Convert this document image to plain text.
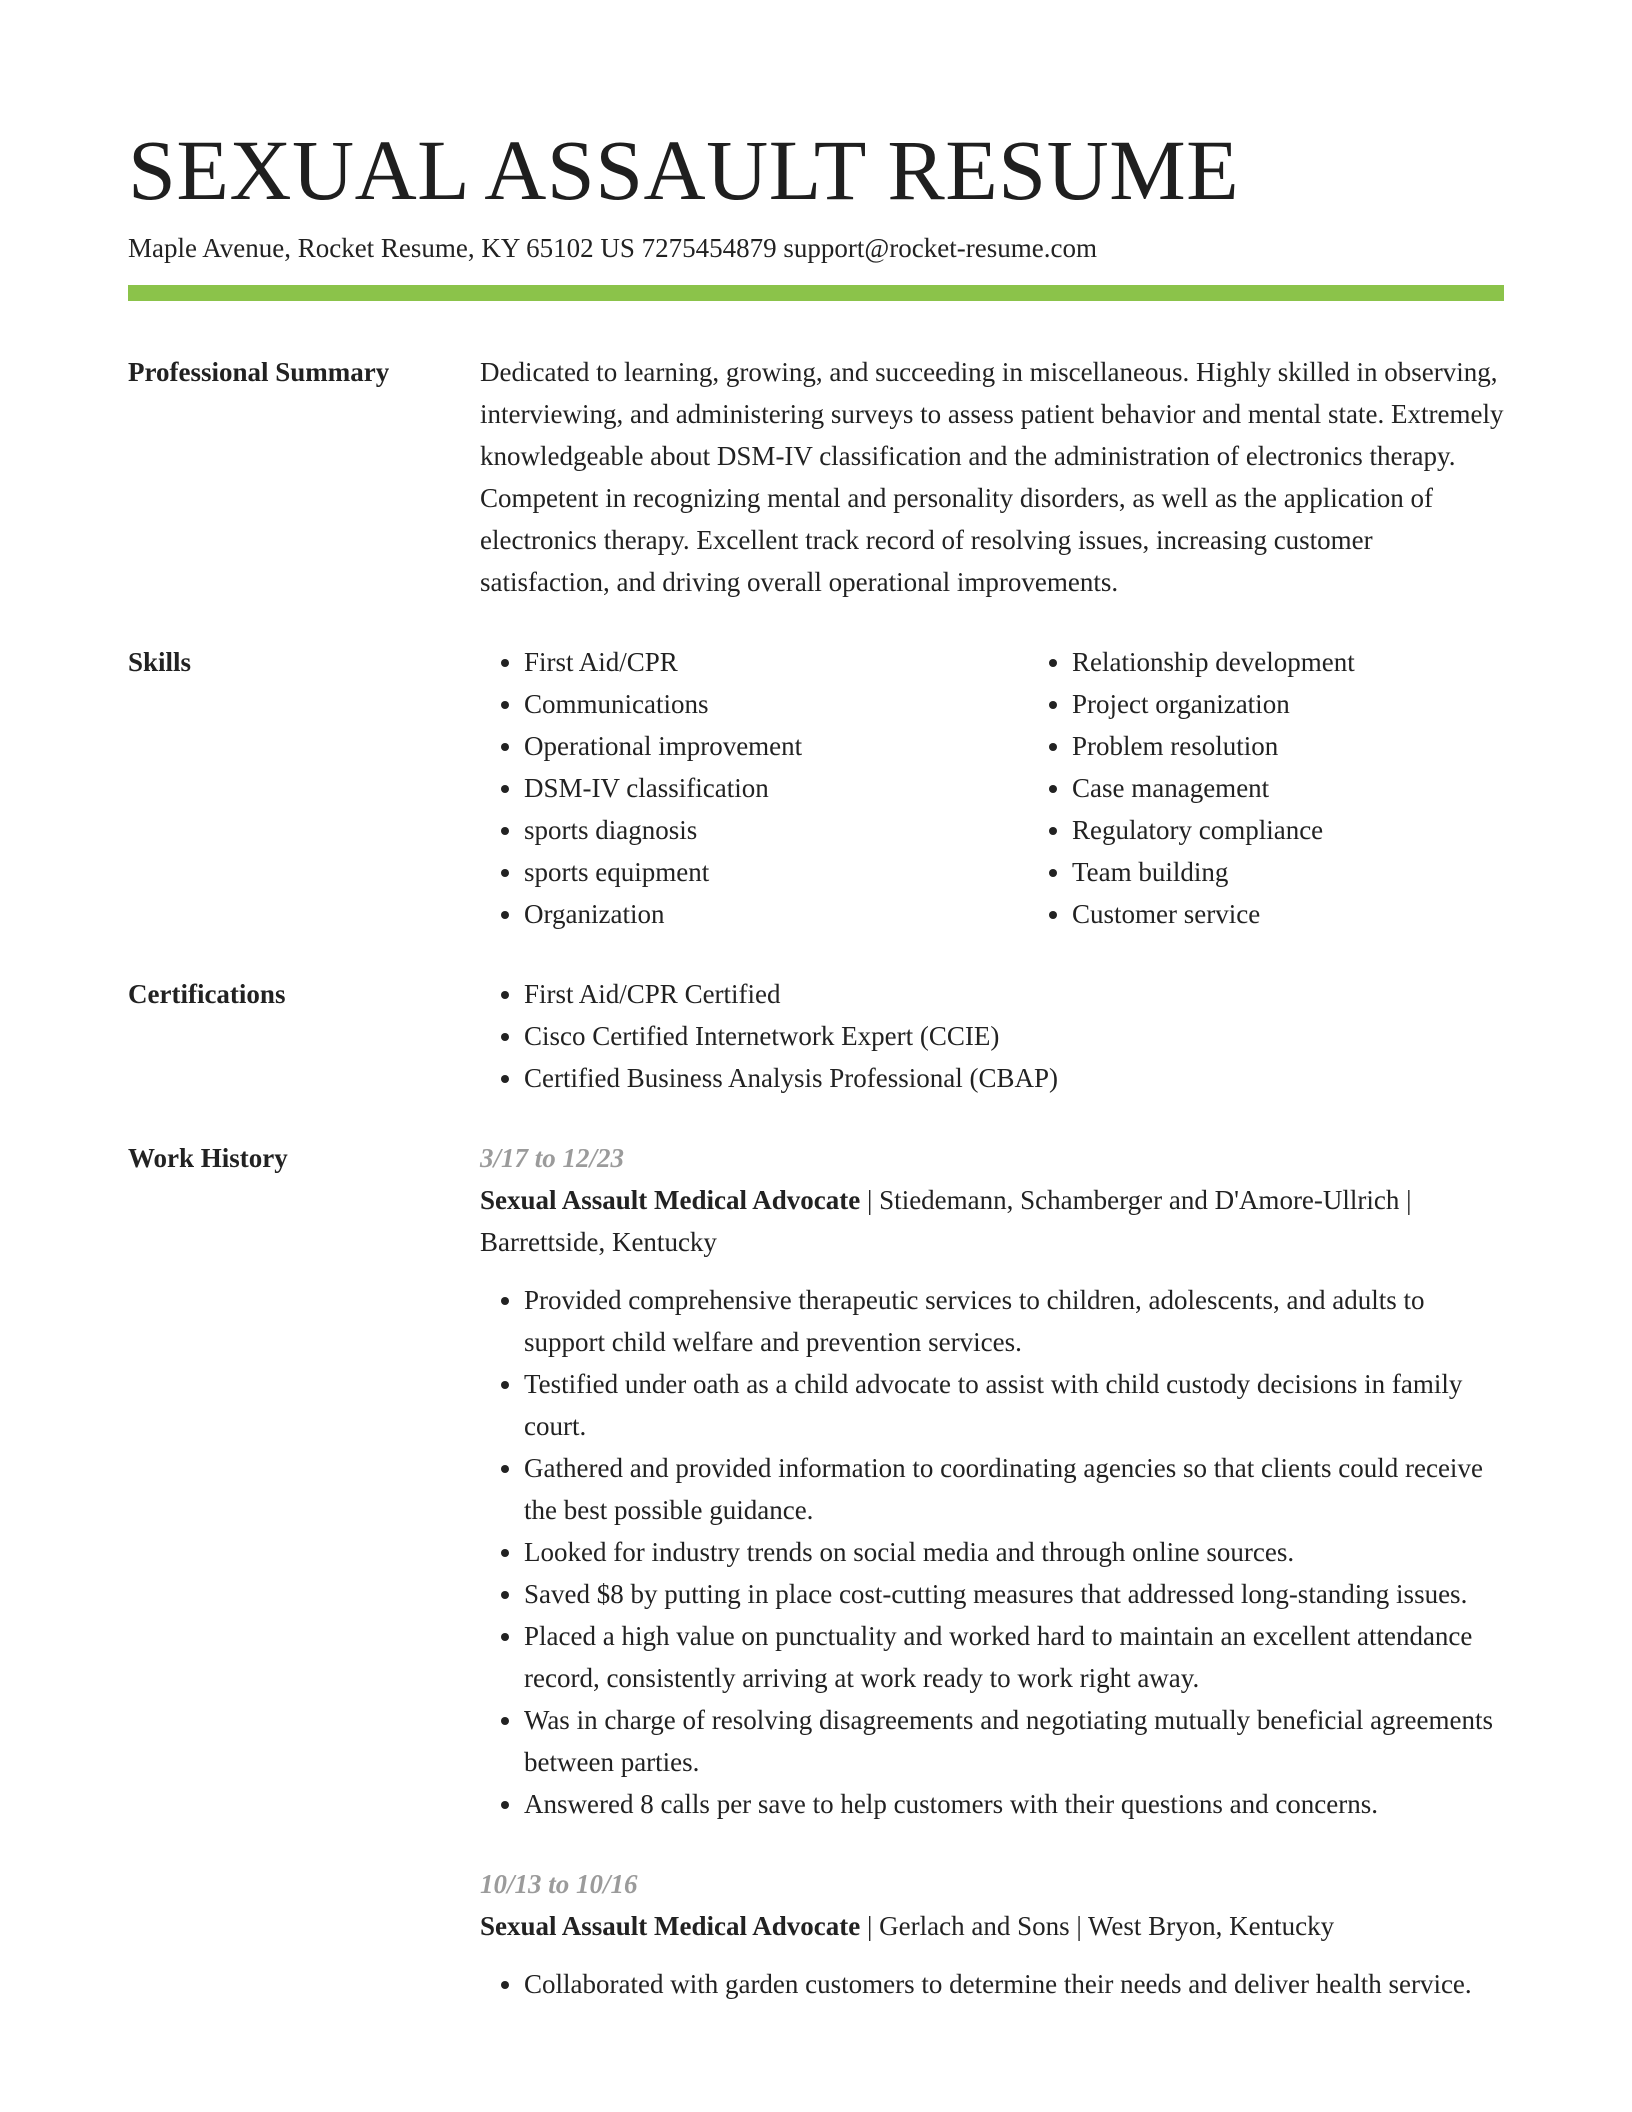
SEXUAL ASSAULT RESUME
Maple Avenue, Rocket Resume, KY 65102 US 7275454879 support@rocket-resume.com
Professional Summary	Dedicated to learning, growing, and succeeding in miscellaneous. Highly skilled in observing, interviewing, and administering surveys to assess patient behavior and mental state. Extremely knowledgeable about DSM-IV classification and the administration of electronics therapy. Competent in recognizing mental and personality disorders, as well as the application of electronics therapy. Excellent track record of resolving issues, increasing customer satisfaction, and driving overall operational improvements.

Skills	• First Aid/CPR
• Communications
• Operational improvement
• DSM-IV classification
• sports diagnosis
• sports equipment
• Organization
• Relationship development
• Project organization
• Problem resolution
• Case management
• Regulatory compliance
• Team building
• Customer service
Certifications	• First Aid/CPR Certified
• Cisco Certified Internetwork Expert (CCIE)
• Certified Business Analysis Professional (CBAP)
Work History	3/17 to 12/23
Sexual Assault Medical Advocate | Stiedemann, Schamberger and D'Amore-Ullrich | Barrettside, Kentucky
• Provided comprehensive therapeutic services to children, adolescents, and adults to support child welfare and prevention services.
• Testified under oath as a child advocate to assist with child custody decisions in family court.
• Gathered and provided information to coordinating agencies so that clients could receive the best possible guidance.
• Looked for industry trends on social media and through online sources.
• Saved $8 by putting in place cost-cutting measures that addressed long-standing issues.
• Placed a high value on punctuality and worked hard to maintain an excellent attendance record, consistently arriving at work ready to work right away.
• Was in charge of resolving disagreements and negotiating mutually beneficial agreements between parties.
• Answered 8 calls per save to help customers with their questions and concerns.
10/13 to 10/16
Sexual Assault Medical Advocate | Gerlach and Sons | West Bryon, Kentucky
• Collaborated with garden customers to determine their needs and deliver health service.
